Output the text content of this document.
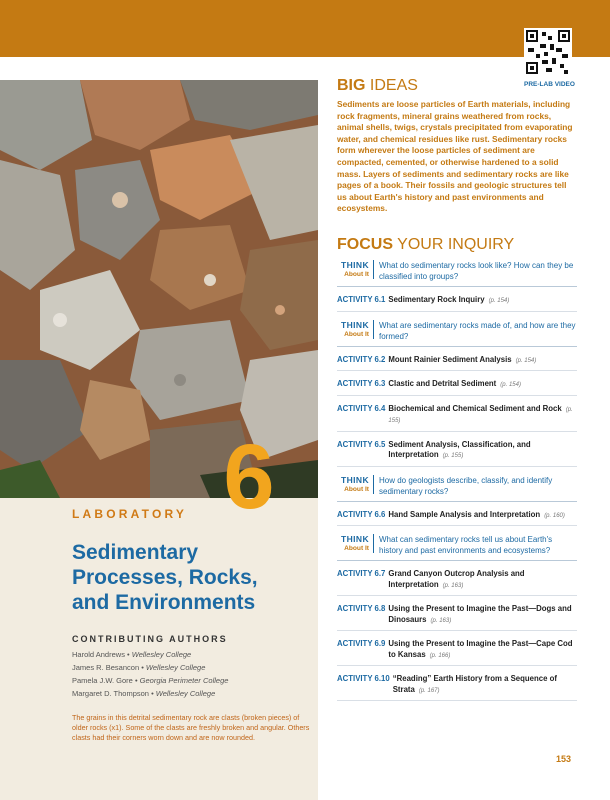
6
LABORATORY
Sedimentary
Processes, Rocks,
and Environments
CONTRIBUTING AUTHORS
Harold Andrews • Wellesley College
James R. Besancon • Wellesley College
Pamela J.W. Gore • Georgia Perimeter College
Margaret D. Thompson • Wellesley College
The grains in this detrital sedimentary rock are clasts (broken pieces) of older rocks (x1). Some of the clasts are freshly broken and angular. Others clasts had their corners worn down and are now rounded.
PRE-LAB VIDEO
BIG IDEAS
Sediments are loose particles of Earth materials, including rock fragments, mineral grains weathered from rocks, animal shells, twigs, crystals precipitated from evaporating water, and chemical residues like rust. Sedimentary rocks form wherever the loose particles of sediment are compacted, cemented, or otherwise hardened to a solid mass. Layers of sediments and sedimentary rocks are like pages of a book. Their fossils and geologic structures tell us about Earth's history and past environments and ecosystems.
FOCUS YOUR INQUIRY
THINK
About It
What do sedimentary rocks look like? How can they be classified into groups?
ACTIVITY 6.1 Sedimentary Rock Inquiry (p. 154)
THINK
About It
What are sedimentary rocks made of, and how are they formed?
ACTIVITY 6.2 Mount Rainier Sediment Analysis (p. 154)
ACTIVITY 6.3 Clastic and Detrital Sediment (p. 154)
ACTIVITY 6.4 Biochemical and Chemical Sediment and Rock (p. 155)
ACTIVITY 6.5 Sediment Analysis, Classification, and Interpretation (p. 155)
THINK
About It
How do geologists describe, classify, and identify sedimentary rocks?
ACTIVITY 6.6 Hand Sample Analysis and Interpretation (p. 160)
THINK
About It
What can sedimentary rocks tell us about Earth's history and past environments and ecosystems?
ACTIVITY 6.7 Grand Canyon Outcrop Analysis and Interpretation (p. 163)
ACTIVITY 6.8 Using the Present to Imagine the Past—Dogs and Dinosaurs (p. 163)
ACTIVITY 6.9 Using the Present to Imagine the Past—Cape Cod to Kansas (p. 166)
ACTIVITY 6.10 “Reading” Earth History from a Sequence of Strata (p. 167)
153
